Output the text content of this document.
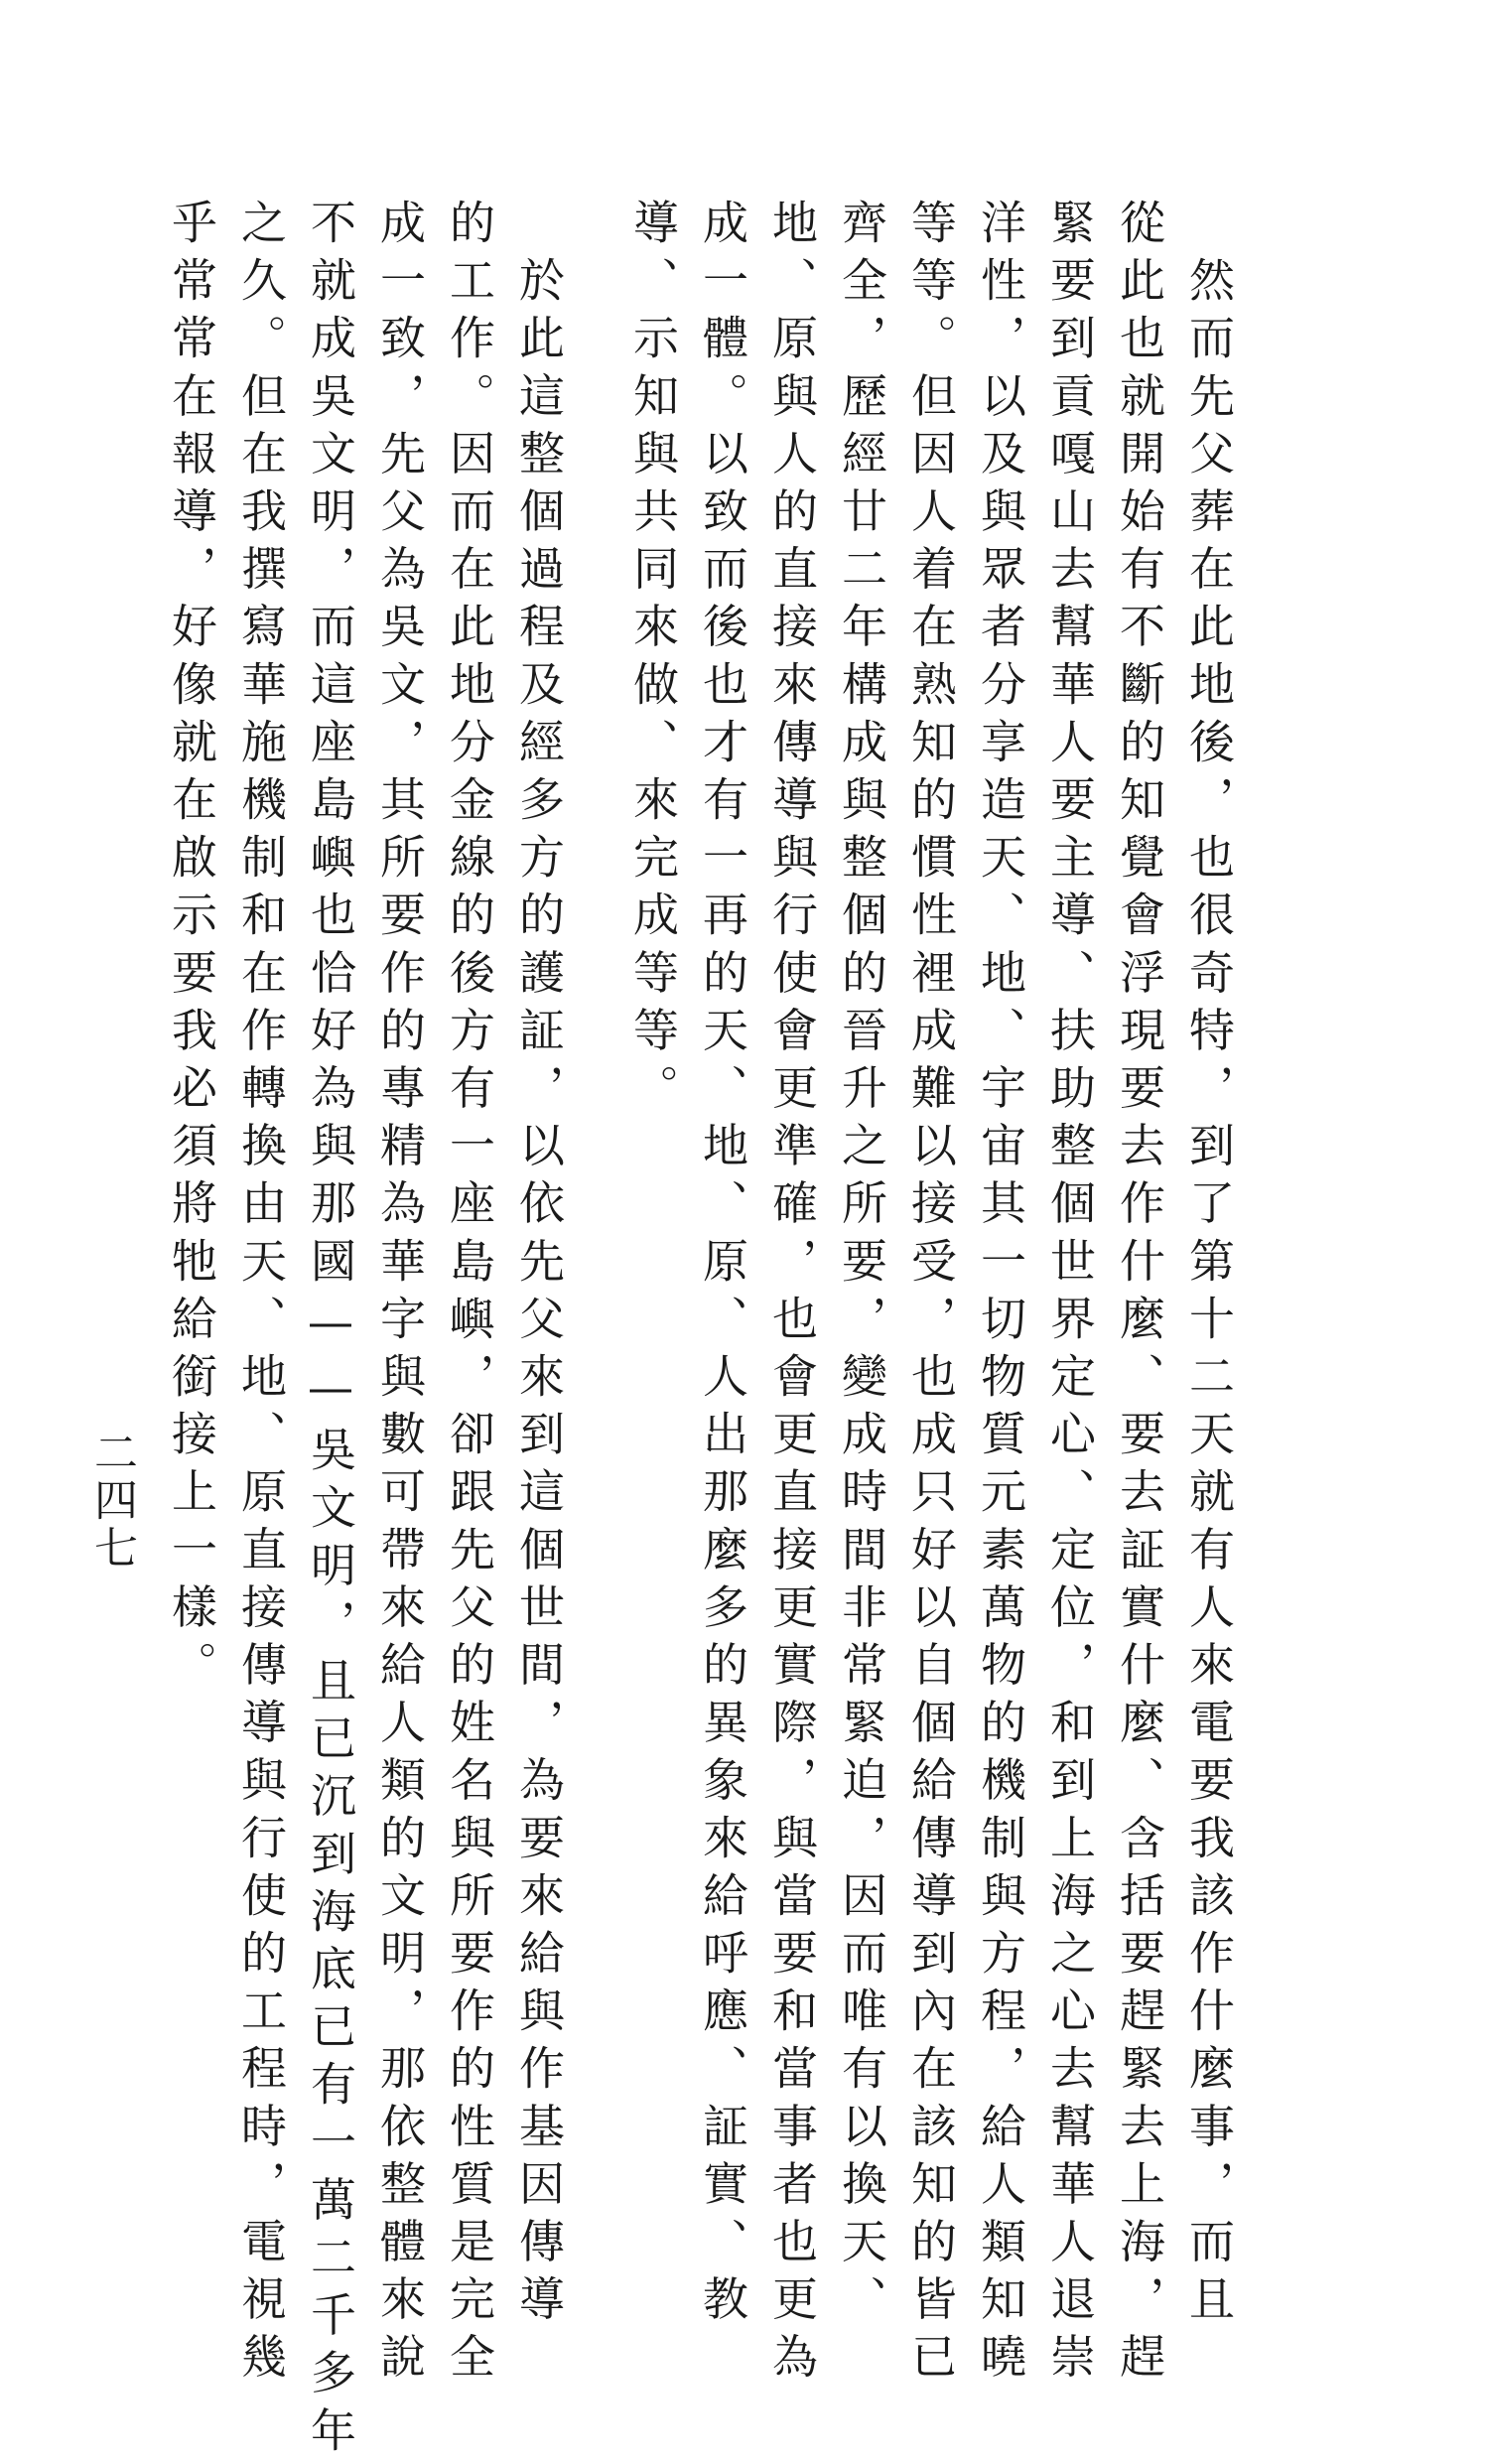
　然而先父葬在此地後，也很奇特，到了第十二天就有人來電要我該作什麼事，而且
從此也就開始有不斷的知覺會浮現要去作什麼、要去証實什麼、含括要趕緊去上海，趕
緊要到貢嘎山去幫華人要主導、扶助整個世界定心、定位，和到上海之心去幫華人退崇
洋性，以及與眾者分享造天、地、宇宙其一切物質元素萬物的機制與方程，給人類知曉
等等。但因人着在熟知的慣性裡成難以接受，也成只好以自個給傳導到內在該知的皆已
齊全，歷經廿二年構成與整個的晉升之所要，變成時間非常緊迫，因而唯有以換天、
地、原與人的直接來傳導與行使會更準確，也會更直接更實際，與當要和當事者也更為
成一體。以致而後也才有一再的天、地、原、人出那麼多的異象來給呼應、証實、教
導、示知與共同來做、來完成等等。
　於此這整個過程及經多方的護証，以依先父來到這個世間，為要來給與作基因傳導
的工作。因而在此地分金線的後方有一座島嶼，卻跟先父的姓名與所要作的性質是完全
成一致，先父為吳文，其所要作的專精為華字與數可帶來給人類的文明，那依整體來說
不就成吳文明，而這座島嶼也恰好為與那國——吳文明，且已沉到海底已有一萬二千多年
之久。但在我撰寫華施機制和在作轉換由天、地、原直接傳導與行使的工程時，電視幾
乎常常在報導，好像就在啟示要我必須將牠給銜接上一樣。
二四七
